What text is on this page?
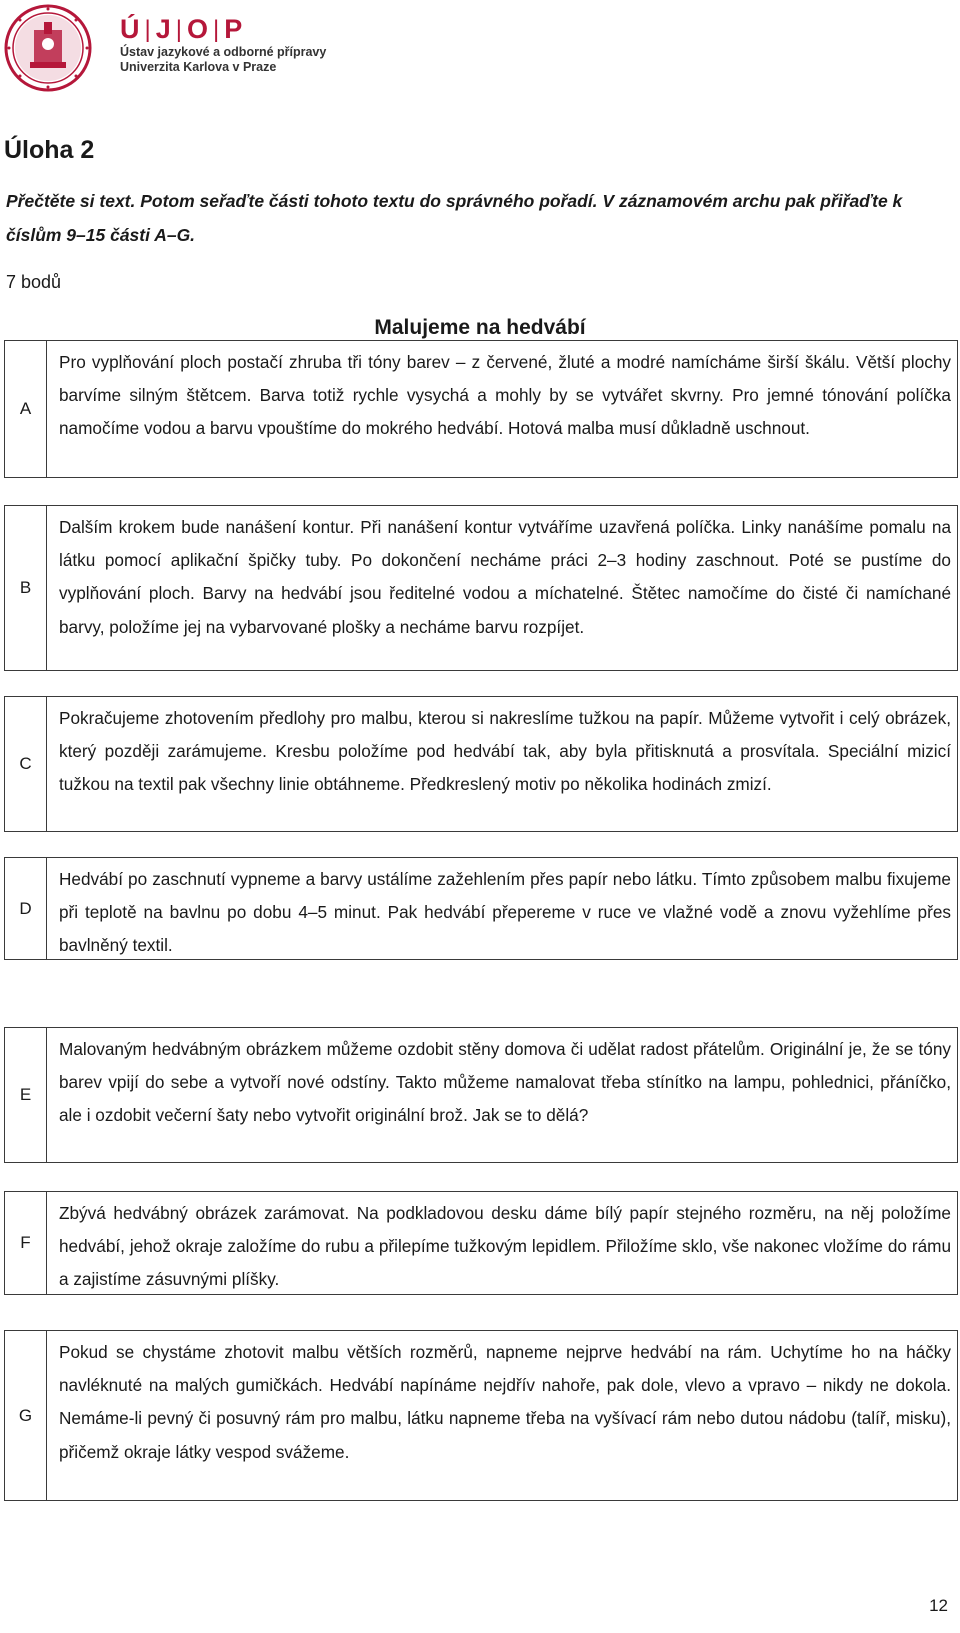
Ú | J | O | P
Ústav jazykové a odborné přípravy
Univerzita Karlova v Praze
Úloha 2

Přečtěte si text. Potom seřaďte části tohoto textu do správného pořadí. V záznamovém archu pak přiřaďte k číslům 9–15 části A–G.

7 bodů

Malujeme na hedvábí
A
Pro vyplňování ploch postačí zhruba tři tóny barev – z červené, žluté a modré namícháme širší škálu. Větší plochy barvíme silným štětcem. Barva totiž rychle vysychá a mohly by se vytvářet skvrny. Pro jemné tónování políčka namočíme vodou a barvu vpouštíme do mokrého hedvábí. Hotová malba musí důkladně uschnout.
B
Dalším krokem bude nanášení kontur. Při nanášení kontur vytváříme uzavřená políčka. Linky nanášíme pomalu na látku pomocí aplikační špičky tuby. Po dokončení necháme práci 2–3 hodiny zaschnout. Poté se pustíme do vyplňování ploch. Barvy na hedvábí jsou ředitelné vodou a míchatelné. Štětec namočíme do čisté či namíchané barvy, položíme jej na vybarvované plošky a necháme barvu rozpíjet.
C
Pokračujeme zhotovením předlohy pro malbu, kterou si nakreslíme tužkou na papír. Můžeme vytvořit i celý obrázek, který později zarámujeme. Kresbu položíme pod hedvábí tak, aby byla přitisknutá a prosvítala. Speciální mizicí tužkou na textil pak všechny linie obtáhneme. Předkreslený motiv po několika hodinách zmizí.
D
Hedvábí po zaschnutí vypneme a barvy ustálíme zažehlením přes papír nebo látku. Tímto způsobem malbu fixujeme při teplotě na bavlnu po dobu 4–5 minut. Pak hedvábí přepereme v ruce ve vlažné vodě a znovu vyžehlíme přes bavlněný textil.
E
Malovaným hedvábným obrázkem můžeme ozdobit stěny domova či udělat radost přátelům. Originální je, že se tóny barev vpijí do sebe a vytvoří nové odstíny. Takto můžeme namalovat třeba stínítko na lampu, pohlednici, přáníčko, ale i ozdobit večerní šaty nebo vytvořit originální brož. Jak se to dělá?
F
Zbývá hedvábný obrázek zarámovat. Na podkladovou desku dáme bílý papír stejného rozměru, na něj položíme hedvábí, jehož okraje založíme do rubu a přilepíme tužkovým lepidlem. Přiložíme sklo, vše nakonec vložíme do rámu a zajistíme zásuvnými plíšky.
G
Pokud se chystáme zhotovit malbu větších rozměrů, napneme nejprve hedvábí na rám. Uchytíme ho na háčky navléknuté na malých gumičkách. Hedvábí napínáme nejdřív nahoře, pak dole, vlevo a vpravo – nikdy ne dokola. Nemáme-li pevný či posuvný rám pro malbu, látku napneme třeba na vyšívací rám nebo dutou nádobu (talíř, misku), přičemž okraje látky vespod svážeme.
12
